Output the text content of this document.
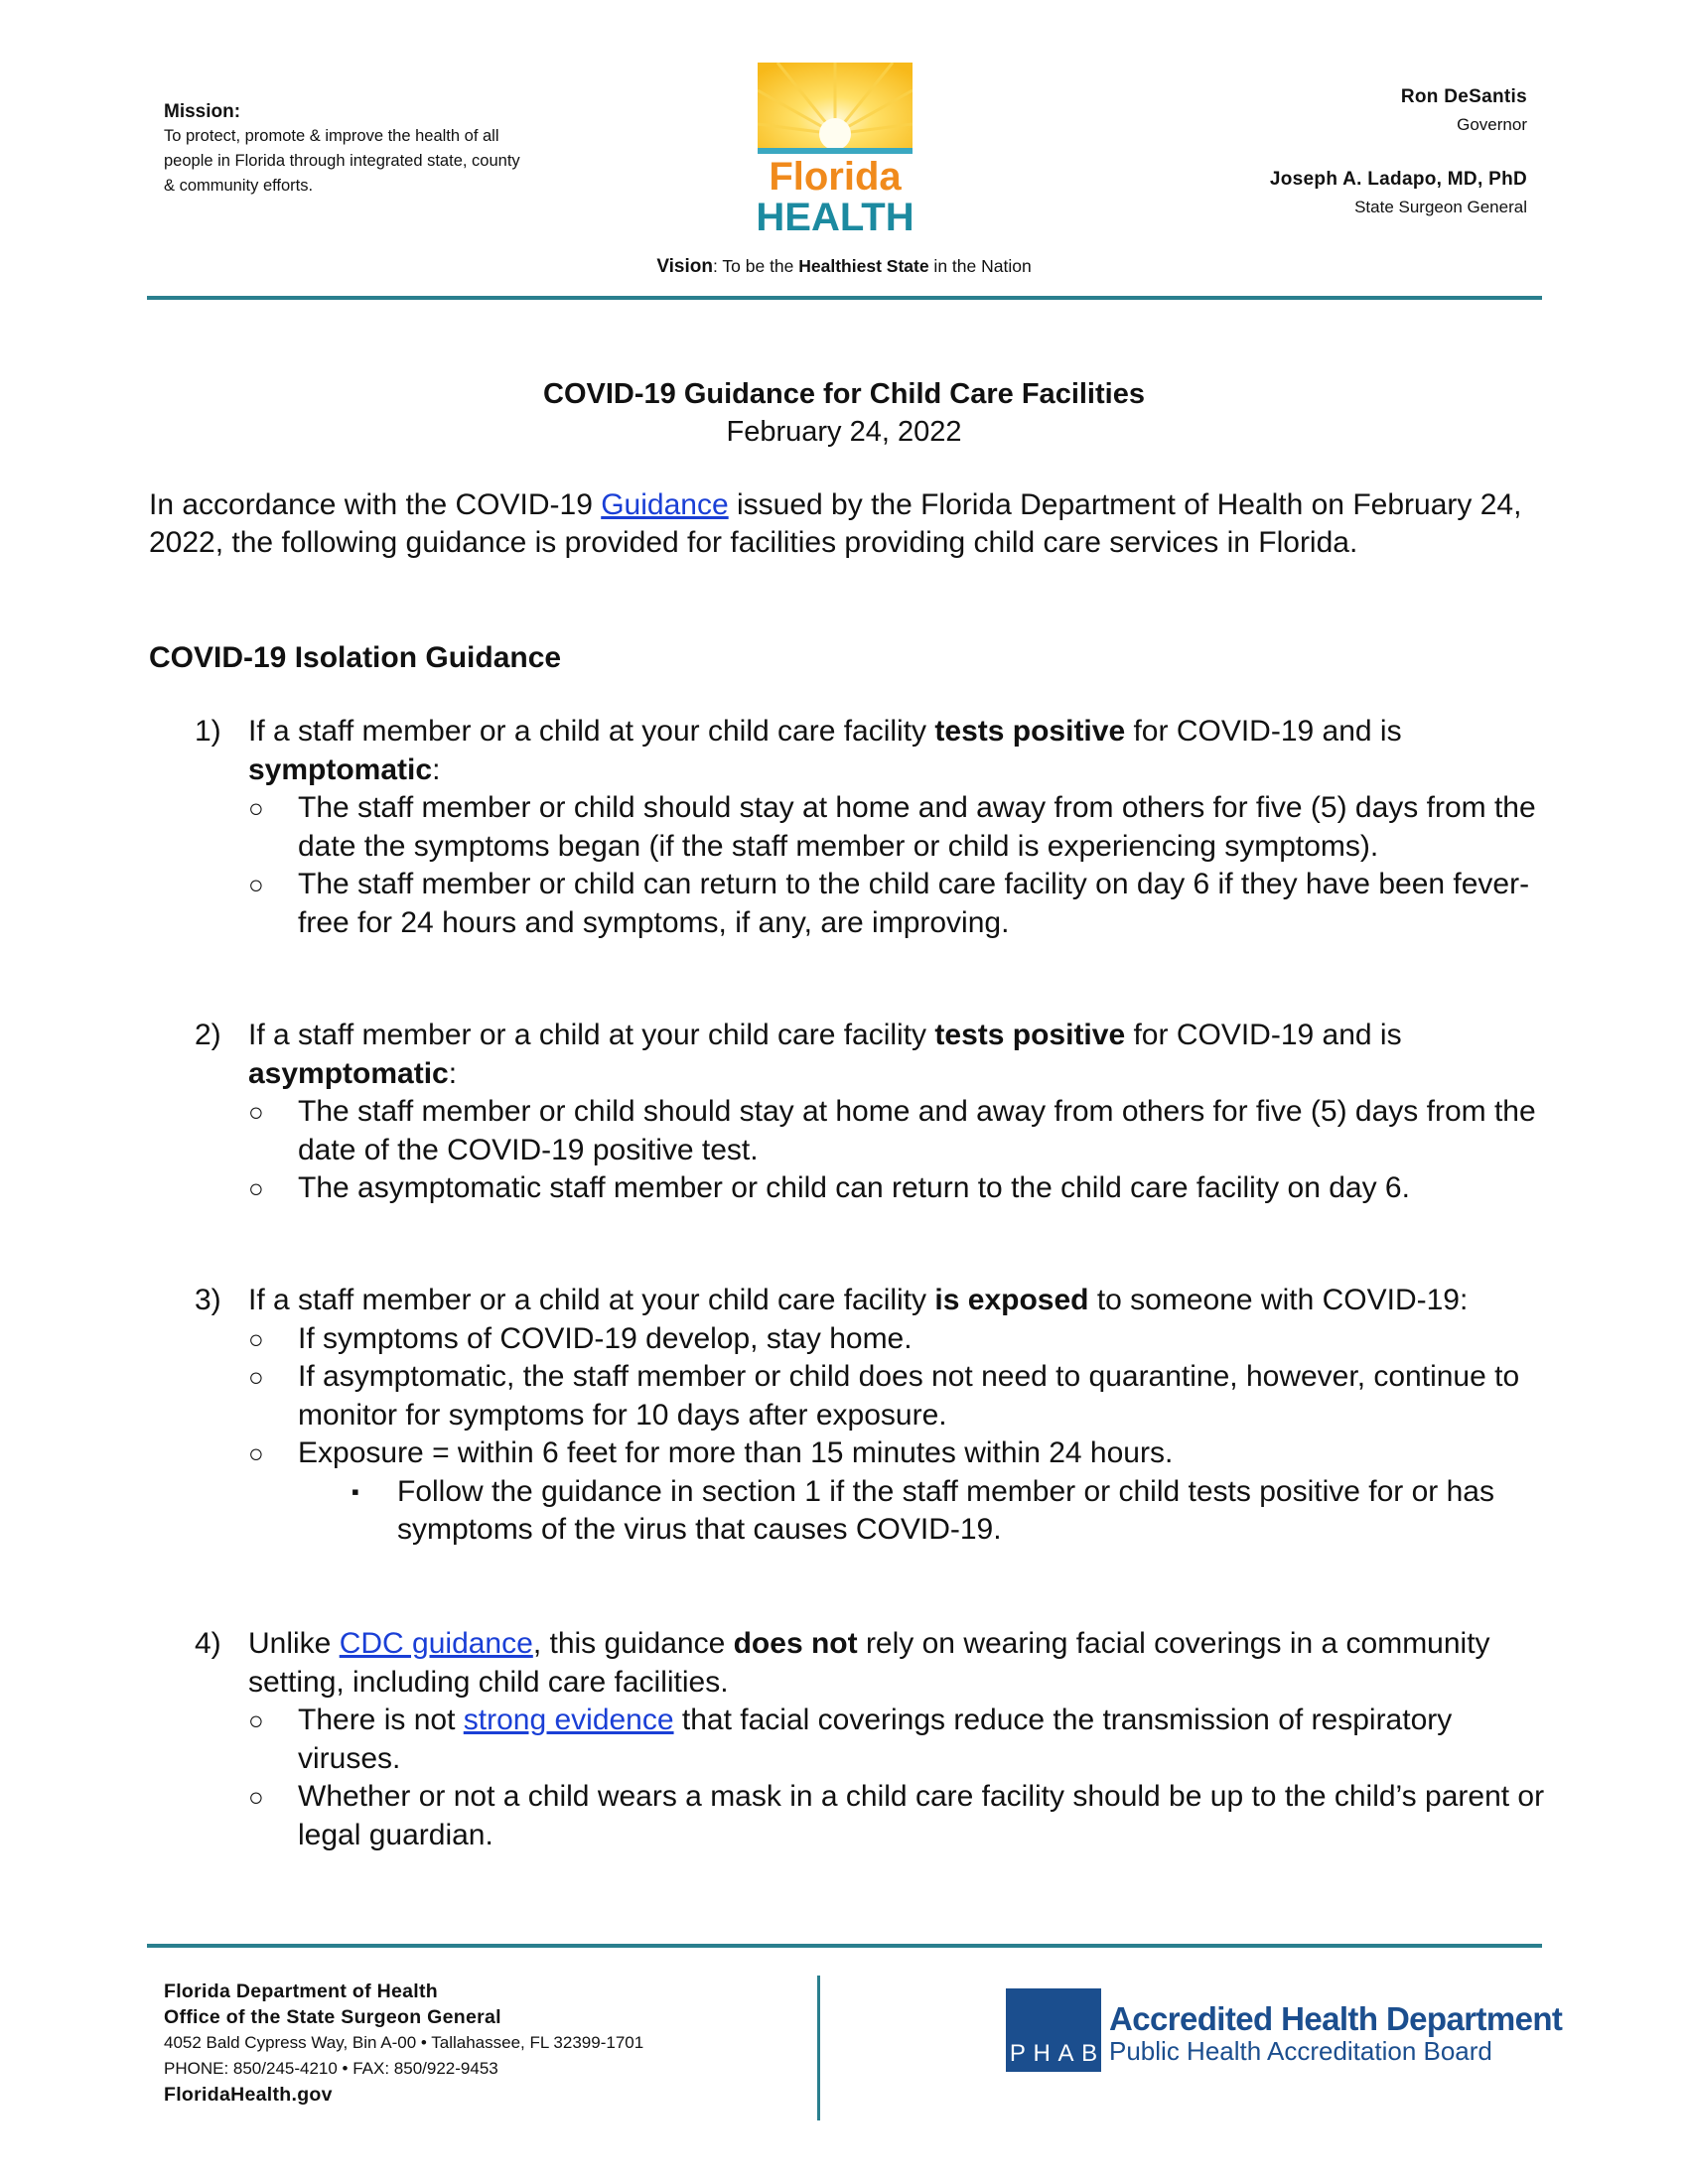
Mission:
To protect, promote & improve the health of all people in Florida through integrated state, county & community efforts.	Florida
HEALTH
Ron DeSantis
Governor
Joseph A. Ladapo, MD, PhD
State Surgeon General
Vision: To be the Healthiest State in the Nation
COVID-19 Guidance for Child Care Facilities
February 24, 2022
In accordance with the COVID-19 Guidance issued by the Florida Department of Health on February 24, 2022, the following guidance is provided for facilities providing child care services in Florida.
COVID-19 Isolation Guidance
1) If a staff member or a child at your child care facility tests positive for COVID-19 and is symptomatic:
○ The staff member or child should stay at home and away from others for five (5) days from the date the symptoms began (if the staff member or child is experiencing symptoms).
○ The staff member or child can return to the child care facility on day 6 if they have been fever-free for 24 hours and symptoms, if any, are improving.
2) If a staff member or a child at your child care facility tests positive for COVID-19 and is asymptomatic:
○ The staff member or child should stay at home and away from others for five (5) days from the date of the COVID-19 positive test.
○ The asymptomatic staff member or child can return to the child care facility on day 6.
3) If a staff member or a child at your child care facility is exposed to someone with COVID-19:
○ If symptoms of COVID-19 develop, stay home.
○ If asymptomatic, the staff member or child does not need to quarantine, however, continue to monitor for symptoms for 10 days after exposure.
○ Exposure = within 6 feet for more than 15 minutes within 24 hours.
▪ Follow the guidance in section 1 if the staff member or child tests positive for or has symptoms of the virus that causes COVID-19.
4) Unlike CDC guidance, this guidance does not rely on wearing facial coverings in a community setting, including child care facilities.
○ There is not strong evidence that facial coverings reduce the transmission of respiratory viruses.
○ Whether or not a child wears a mask in a child care facility should be up to the child’s parent or legal guardian.
Florida Department of Health
Office of the State Surgeon General
4052 Bald Cypress Way, Bin A-00 • Tallahassee, FL 32399-1701
PHONE: 850/245-4210 • FAX: 850/922-9453
FloridaHealth.gov
P H A B
Accredited Health Department
Public Health Accreditation Board
